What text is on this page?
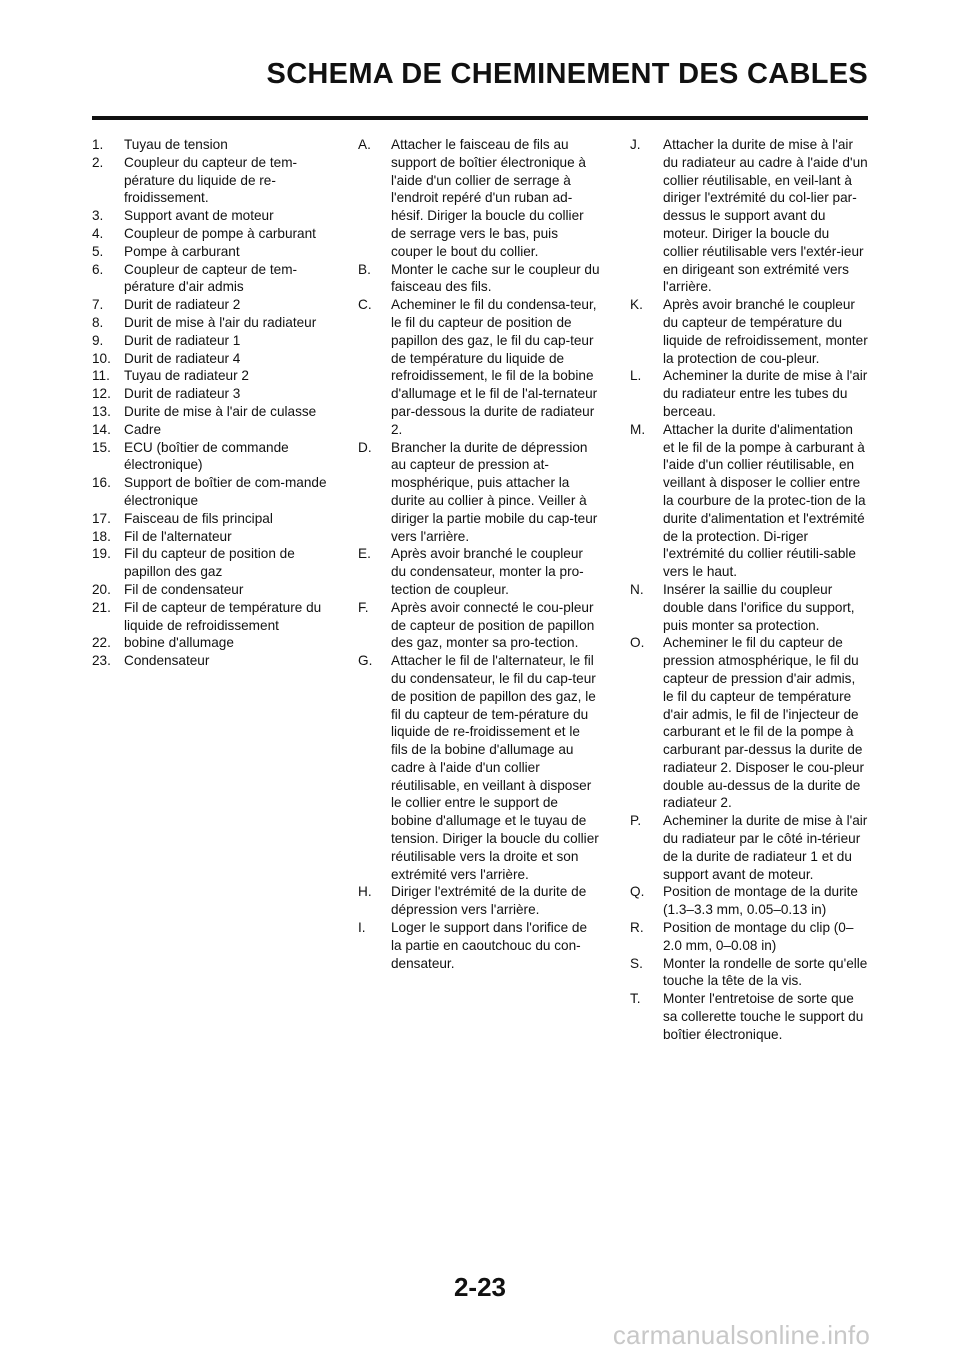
SCHEMA DE CHEMINEMENT DES CABLES
1. Tuyau de tension
2. Coupleur du capteur de tem-pérature du liquide de re-froidissement.
3. Support avant de moteur
4. Coupleur de pompe à carburant
5. Pompe à carburant
6. Coupleur de capteur de tem-pérature d'air admis
7. Durit de radiateur 2
8. Durit de mise à l'air du radiateur
9. Durit de radiateur 1
10. Durit de radiateur 4
11. Tuyau de radiateur 2
12. Durit de radiateur 3
13. Durite de mise à l'air de culasse
14. Cadre
15. ECU (boîtier de commande électronique)
16. Support de boîtier de com-mande électronique
17. Faisceau de fils principal
18. Fil de l'alternateur
19. Fil du capteur de position de papillon des gaz
20. Fil de condensateur
21. Fil de capteur de température du liquide de refroidissement
22. bobine d'allumage
23. Condensateur
A. Attacher le faisceau de fils au support de boîtier électronique à l'aide d'un collier de serrage à l'endroit repéré d'un ruban ad-hésif. Diriger la boucle du collier de serrage vers le bas, puis couper le bout du collier.
B. Monter le cache sur le coupleur du faisceau des fils.
C. Acheminer le fil du condensa-teur, le fil du capteur de position de papillon des gaz, le fil du cap-teur de température du liquide de refroidissement, le fil de la bobine d'allumage et le fil de l'al-ternateur par-dessous la durite de radiateur 2.
D. Brancher la durite de dépression au capteur de pression at-mosphérique, puis attacher la durite au collier à pince. Veiller à diriger la partie mobile du cap-teur vers l'arrière.
E. Après avoir branché le coupleur du condensateur, monter la pro-tection de coupleur.
F. Après avoir connecté le cou-pleur de capteur de position de papillon des gaz, monter sa pro-tection.
G. Attacher le fil de l'alternateur, le fil du condensateur, le fil du cap-teur de position de papillon des gaz, le fil du capteur de tem-pérature du liquide de re-froidissement et le fils de la bobine d'allumage au cadre à l'aide d'un collier réutilisable, en veillant à disposer le collier entre le support de bobine d'allumage et le tuyau de tension. Diriger la boucle du collier réutilisable vers la droite et son extrémité vers l'arrière.
H. Diriger l'extrémité de la durite de dépression vers l'arrière.
I. Loger le support dans l'orifice de la partie en caoutchouc du con-densateur.
J. Attacher la durite de mise à l'air du radiateur au cadre à l'aide d'un collier réutilisable, en veil-lant à diriger l'extrémité du col-lier par-dessus le support avant du moteur. Diriger la boucle du collier réutilisable vers l'extér-ieur en dirigeant son extrémité vers l'arrière.
K. Après avoir branché le coupleur du capteur de température du liquide de refroidissement, monter la protection de cou-pleur.
L. Acheminer la durite de mise à l'air du radiateur entre les tubes du berceau.
M. Attacher la durite d'alimentation et le fil de la pompe à carburant à l'aide d'un collier réutilisable, en veillant à disposer le collier entre la courbure de la protec-tion de la durite d'alimentation et l'extrémité de la protection. Di-riger l'extrémité du collier réutili-sable vers le haut.
N. Insérer la saillie du coupleur double dans l'orifice du support, puis monter sa protection.
O. Acheminer le fil du capteur de pression atmosphérique, le fil du capteur de pression d'air admis, le fil du capteur de température d'air admis, le fil de l'injecteur de carburant et le fil de la pompe à carburant par-dessus la durite de radiateur 2. Disposer le cou-pleur double au-dessus de la durite de radiateur 2.
P. Acheminer la durite de mise à l'air du radiateur par le côté in-térieur de la durite de radiateur 1 et du support avant de moteur.
Q. Position de montage de la durite (1.3–3.3 mm, 0.05–0.13 in)
R. Position de montage du clip (0–2.0 mm, 0–0.08 in)
S. Monter la rondelle de sorte qu'elle touche la tête de la vis.
T. Monter l'entretoise de sorte que sa collerette touche le support du boîtier électronique.
2-23
carmanualsonline.info
